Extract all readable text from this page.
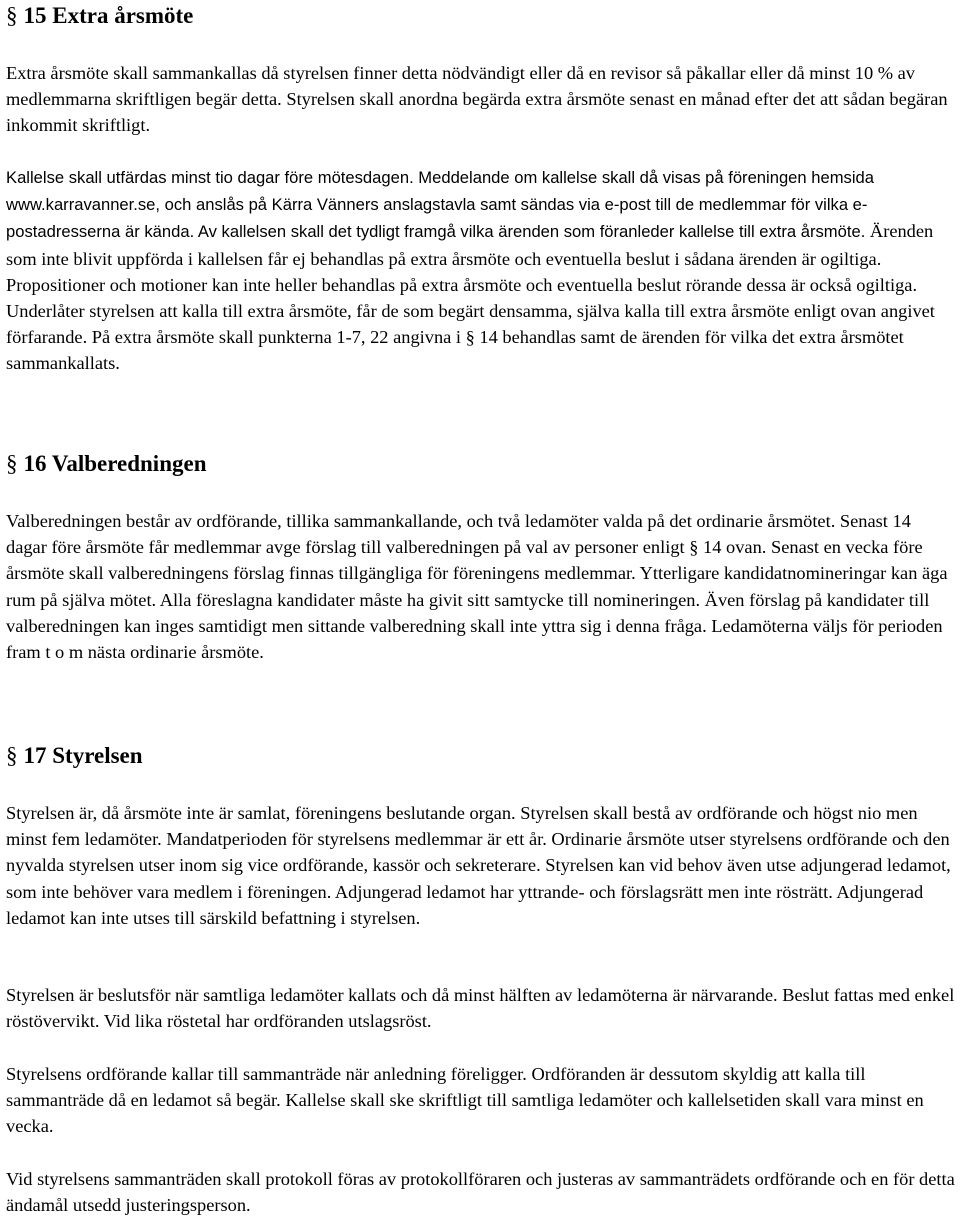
§ 15 Extra årsmöte

Extra årsmöte skall sammankallas då styrelsen finner detta nödvändigt eller då en revisor så påkallar eller då minst 10 % av medlemmarna skriftligen begär detta. Styrelsen skall anordna begärda extra årsmöte senast en månad efter det att sådan begäran inkommit skriftligt.

Kallelse skall utfärdas minst tio dagar före mötesdagen. Meddelande om kallelse skall då visas på föreningen hemsida www.karravanner.se, och anslås på Kärra Vänners anslagstavla samt sändas via e-post till de medlemmar för vilka e-postadresserna är kända. Av kallelsen skall det tydligt framgå vilka ärenden som föranleder kallelse till extra årsmöte. Ärenden som inte blivit uppförda i kallelsen får ej behandlas på extra årsmöte och eventuella beslut i sådana ärenden är ogiltiga. Propositioner och motioner kan inte heller behandlas på extra årsmöte och eventuella beslut rörande dessa är också ogiltiga. Underlåter styrelsen att kalla till extra årsmöte, får de som begärt densamma, själva kalla till extra årsmöte enligt ovan angivet förfarande. På extra årsmöte skall punkterna 1-7, 22 angivna i § 14 behandlas samt de ärenden för vilka det extra årsmötet sammankallats.

§ 16 Valberedningen

Valberedningen består av ordförande, tillika sammankallande, och två ledamöter valda på det ordinarie årsmötet. Senast 14 dagar före årsmöte får medlemmar avge förslag till valberedningen på val av personer enligt § 14 ovan. Senast en vecka före årsmöte skall valberedningens förslag finnas tillgängliga för föreningens medlemmar. Ytterligare kandidatnomineringar kan äga rum på själva mötet. Alla föreslagna kandidater måste ha givit sitt samtycke till nomineringen. Även förslag på kandidater till valberedningen kan inges samtidigt men sittande valberedning skall inte yttra sig i denna fråga. Ledamöterna väljs för perioden fram t o m nästa ordinarie årsmöte.

§ 17 Styrelsen

Styrelsen är, då årsmöte inte är samlat, föreningens beslutande organ. Styrelsen skall bestå av ordförande och högst nio men minst fem ledamöter. Mandatperioden för styrelsens medlemmar är ett år. Ordinarie årsmöte utser styrelsens ordförande och den nyvalda styrelsen utser inom sig vice ordförande, kassör och sekreterare. Styrelsen kan vid behov även utse adjungerad ledamot, som inte behöver vara medlem i föreningen. Adjungerad ledamot har yttrande- och förslagsrätt men inte rösträtt. Adjungerad ledamot kan inte utses till särskild befattning i styrelsen.

Styrelsen är beslutsför när samtliga ledamöter kallats och då minst hälften av ledamöterna är närvarande. Beslut fattas med enkel röstövervikt. Vid lika röstetal har ordföranden utslagsröst.

Styrelsens ordförande kallar till sammanträde när anledning föreligger. Ordföranden är dessutom skyldig att kalla till sammanträde då en ledamot så begär. Kallelse skall ske skriftligt till samtliga ledamöter och kallelsetiden skall vara minst en vecka.

Vid styrelsens sammanträden skall protokoll föras av protokollföraren och justeras av sammanträdets ordförande och en för detta ändamål utsedd justeringsperson.
